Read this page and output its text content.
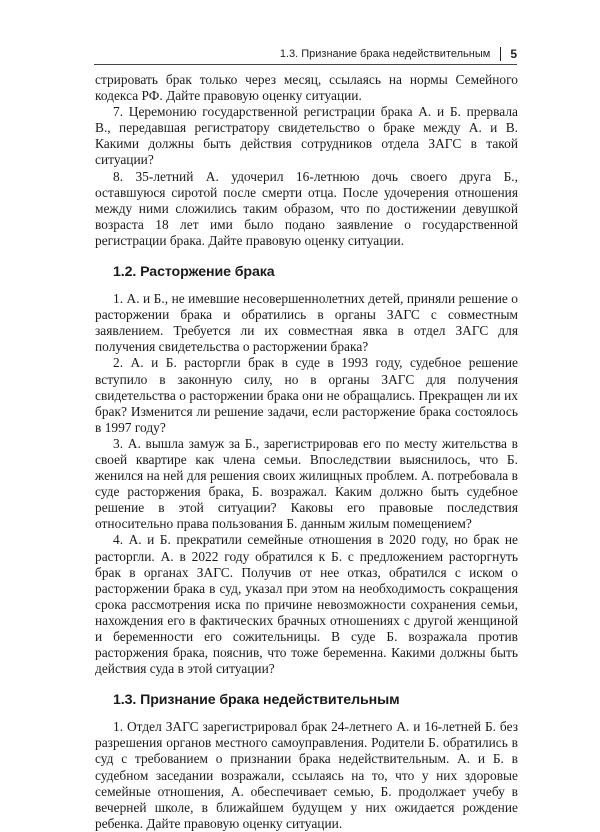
1.3. Признание брака недействительным 5

стрировать брак только через месяц, ссылаясь на нормы Семейного кодекса РФ. Дайте правовую оценку ситуации.

7. Церемонию государственной регистрации брака А. и Б. прервала В., передавшая регистратору свидетельство о браке между А. и В. Какими должны быть действия сотрудников отдела ЗАГС в такой ситуации?

8. 35-летний А. удочерил 16-летнюю дочь своего друга Б., оставшуюся сиротой после смерти отца. После удочерения отношения между ними сложились таким образом, что по достижении девушкой возраста 18 лет ими было подано заявление о государственной регистрации брака. Дайте правовую оценку ситуации.

1.2. Расторжение брака

1. А. и Б., не имевшие несовершеннолетних детей, приняли решение о расторжении брака и обратились в органы ЗАГС с совместным заявлением. Требуется ли их совместная явка в отдел ЗАГС для получения свидетельства о расторжении брака?

2. А. и Б. расторгли брак в суде в 1993 году, судебное решение вступило в законную силу, но в органы ЗАГС для получения свидетельства о расторжении брака они не обращались. Прекращен ли их брак? Изменится ли решение задачи, если расторжение брака состоялось в 1997 году?

3. А. вышла замуж за Б., зарегистрировав его по месту жительства в своей квартире как члена семьи. Впоследствии выяснилось, что Б. женился на ней для решения своих жилищных проблем. А. потребовала в суде расторжения брака, Б. возражал. Каким должно быть судебное решение в этой ситуации? Каковы его правовые последствия относительно права пользования Б. данным жилым помещением?

4. А. и Б. прекратили семейные отношения в 2020 году, но брак не расторгли. А. в 2022 году обратился к Б. с предложением расторгнуть брак в органах ЗАГС. Получив от нее отказ, обратился с иском о расторжении брака в суд, указал при этом на необходимость сокращения срока рассмотрения иска по причине невозможности сохранения семьи, нахождения его в фактических брачных отношениях с другой женщиной и беременности его сожительницы. В суде Б. возражала против расторжения брака, пояснив, что тоже беременна. Какими должны быть действия суда в этой ситуации?

1.3. Признание брака недействительным

1. Отдел ЗАГС зарегистрировал брак 24-летнего А. и 16-летней Б. без разрешения органов местного самоуправления. Родители Б. обратились в суд с требованием о признании брака недействительным. А. и Б. в судебном заседании возражали, ссылаясь на то, что у них здоровые семейные отношения, А. обеспечивает семью, Б. продолжает учебу в вечерней школе, в ближайшем будущем у них ожидается рождение ребенка. Дайте правовую оценку ситуации.
